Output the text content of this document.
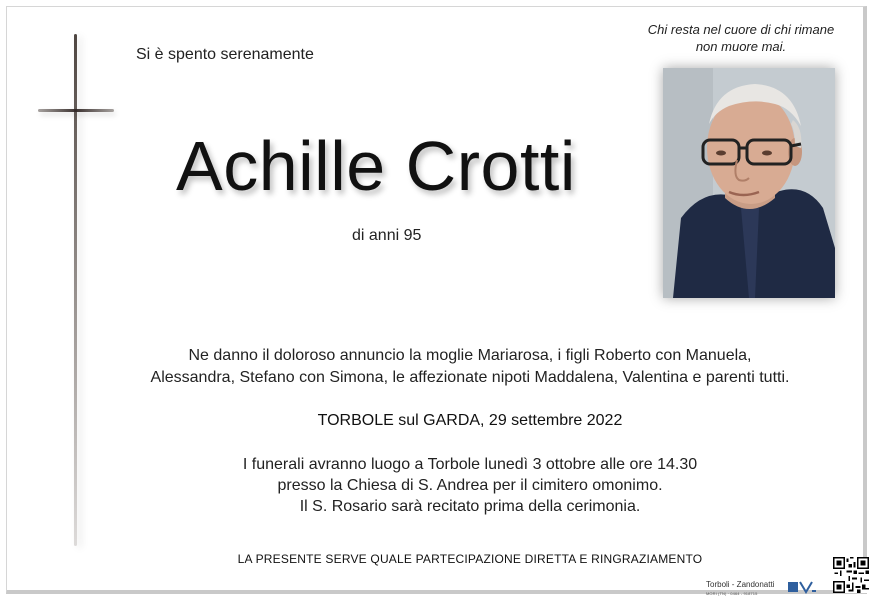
Si è spento serenamente
Chi resta nel cuore di chi rimane
non muore mai.
Achille Crotti
di anni 95
Ne danno il doloroso annuncio la moglie Mariarosa, i figli Roberto con Manuela,
Alessandra, Stefano con Simona, le affezionate nipoti Maddalena, Valentina e parenti tutti.
TORBOLE sul GARDA, 29 settembre 2022
I funerali avranno luogo a Torbole lunedì 3 ottobre alle ore 14.30
presso la Chiesa di S. Andrea per il cimitero omonimo.
Il S. Rosario sarà recitato prima della cerimonia.
LA PRESENTE SERVE QUALE PARTECIPAZIONE DIRETTA E RINGRAZIAMENTO
Torboli - Zandonatti
MORI (TN) · 0464 - 918715
